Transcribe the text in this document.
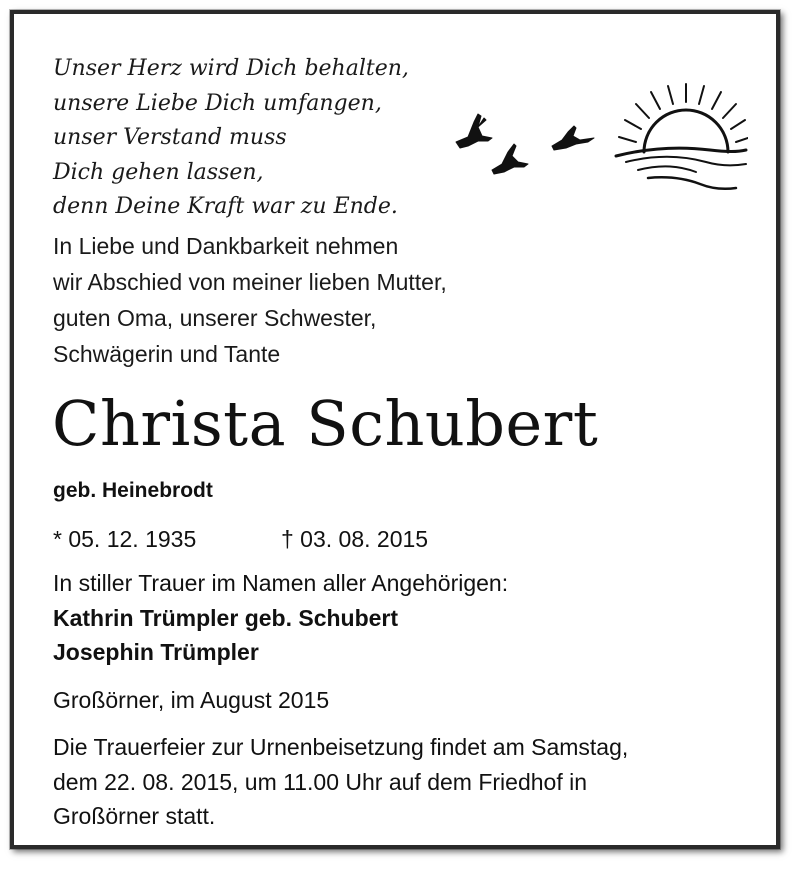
Unser Herz wird Dich behalten,
unsere Liebe Dich umfangen,
unser Verstand muss
Dich gehen lassen,
denn Deine Kraft war zu Ende.
In Liebe und Dankbarkeit nehmen
wir Abschied von meiner lieben Mutter,
guten Oma, unserer Schwester,
Schwägerin und Tante
Christa Schubert
geb. Heinebrodt
* 05. 12. 1935	† 03. 08. 2015
In stiller Trauer im Namen aller Angehörigen:
Kathrin Trümpler geb. Schubert
Josephin Trümpler
Großörner, im August 2015
Die Trauerfeier zur Urnenbeisetzung findet am Samstag,
dem 22. 08. 2015, um 11.00 Uhr auf dem Friedhof in
Großörner statt.
